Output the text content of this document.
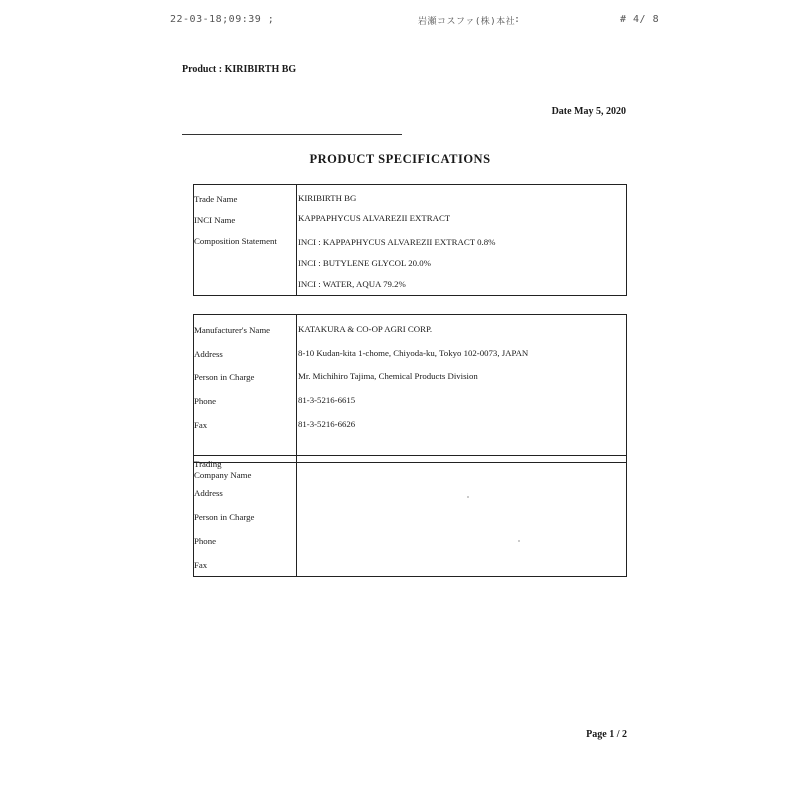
22-03-18;09:39 ;	岩瀬コスファ(株)本社
:	# 4/ 8
Product : KIRIBIRTH BG
Date May 5, 2020
PRODUCT SPECIFICATIONS
Trade Name	KIRIBIRTH BG
INCI Name	KAPPAPHYCUS ALVAREZII EXTRACT
Composition Statement INCI : KAPPAPHYCUS ALVAREZII EXTRACT 0.8%
INCI : BUTYLENE GLYCOL 20.0%
INCI : WATER, AQUA 79.2%
Manufacturer's Name	KATAKURA & CO-OP AGRI CORP.
Address	8-10 Kudan-kita 1-chome, Chiyoda-ku, Tokyo 102-0073, JAPAN
Person in Charge	Mr. Michihiro Tajima, Chemical Products Division
Phone	81-3-5216-6615
Fax	81-3-5216-6626
Trading
Company Name
Address
Person in Charge
Phone
Fax
Page 1 / 2
